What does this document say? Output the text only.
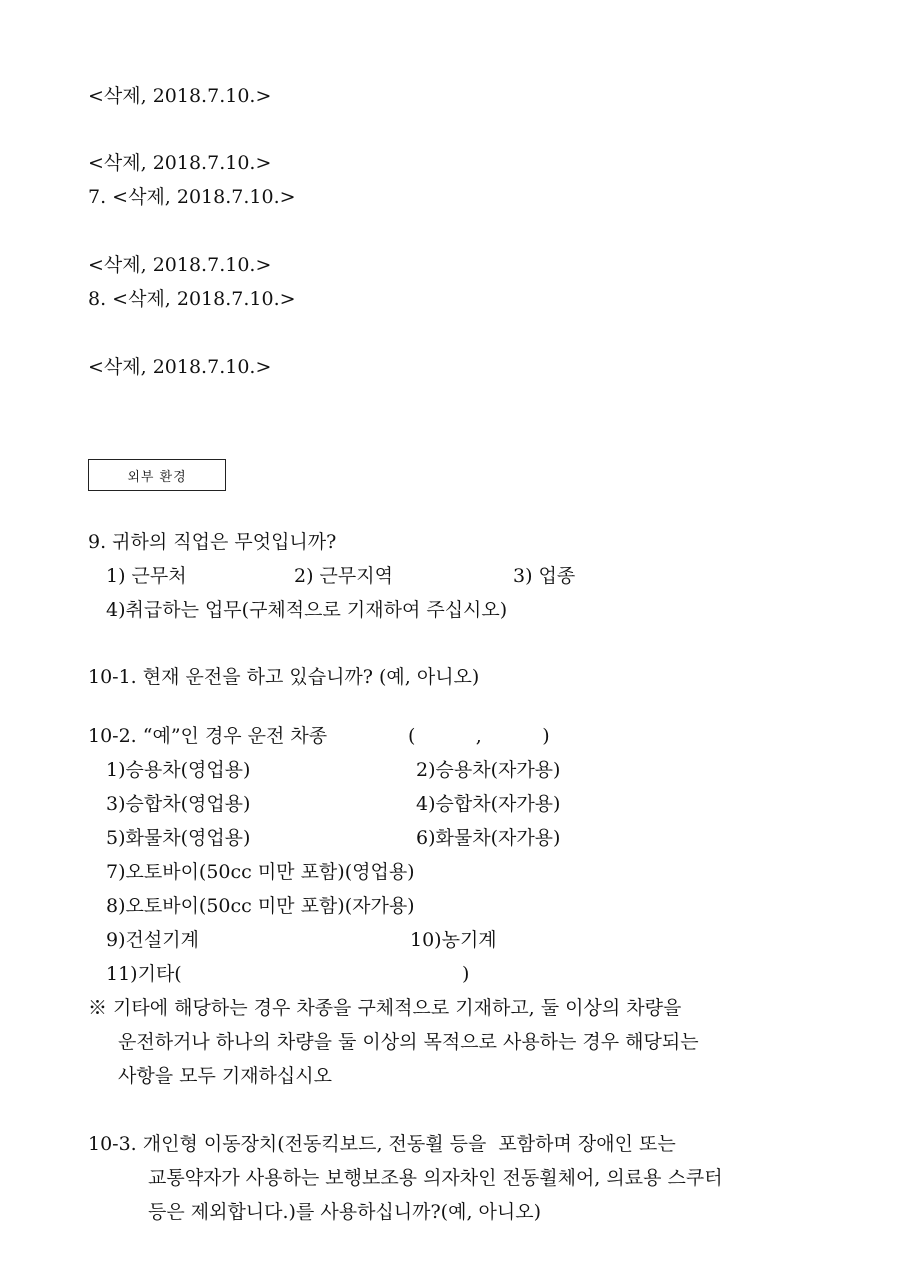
<삭제, 2018.7.10.>
<삭제, 2018.7.10.>
7. <삭제, 2018.7.10.>
<삭제, 2018.7.10.>
8. <삭제, 2018.7.10.>
<삭제, 2018.7.10.>
외부 환경
9. 귀하의 직업은 무엇입니까?
1) 근무처	2) 근무지역	3) 업종
4)취급하는 업무(구체적으로 기재하여 주십시오)
10-1. 현재 운전을 하고 있습니까? (예, 아니오)
10-2. “예”인 경우 운전 차종	(          ,          )
1)승용차(영업용)	2)승용차(자가용)
3)승합차(영업용)	4)승합차(자가용)
5)화물차(영업용)	6)화물차(자가용)
7)오토바이(50cc 미만 포함)(영업용)
8)오토바이(50cc 미만 포함)(자가용)
9)건설기계	10)농기계
11)기타(	)
※ 기타에 해당하는 경우 차종을 구체적으로 기재하고, 둘 이상의 차량을
운전하거나 하나의 차량을 둘 이상의 목적으로 사용하는 경우 해당되는
사항을 모두 기재하십시오
10-3. 개인형 이동장치(전동킥보드, 전동휠 등을  포함하며 장애인 또는
교통약자가 사용하는 보행보조용 의자차인 전동휠체어, 의료용 스쿠터
등은 제외합니다.)를 사용하십니까?(예, 아니오)
